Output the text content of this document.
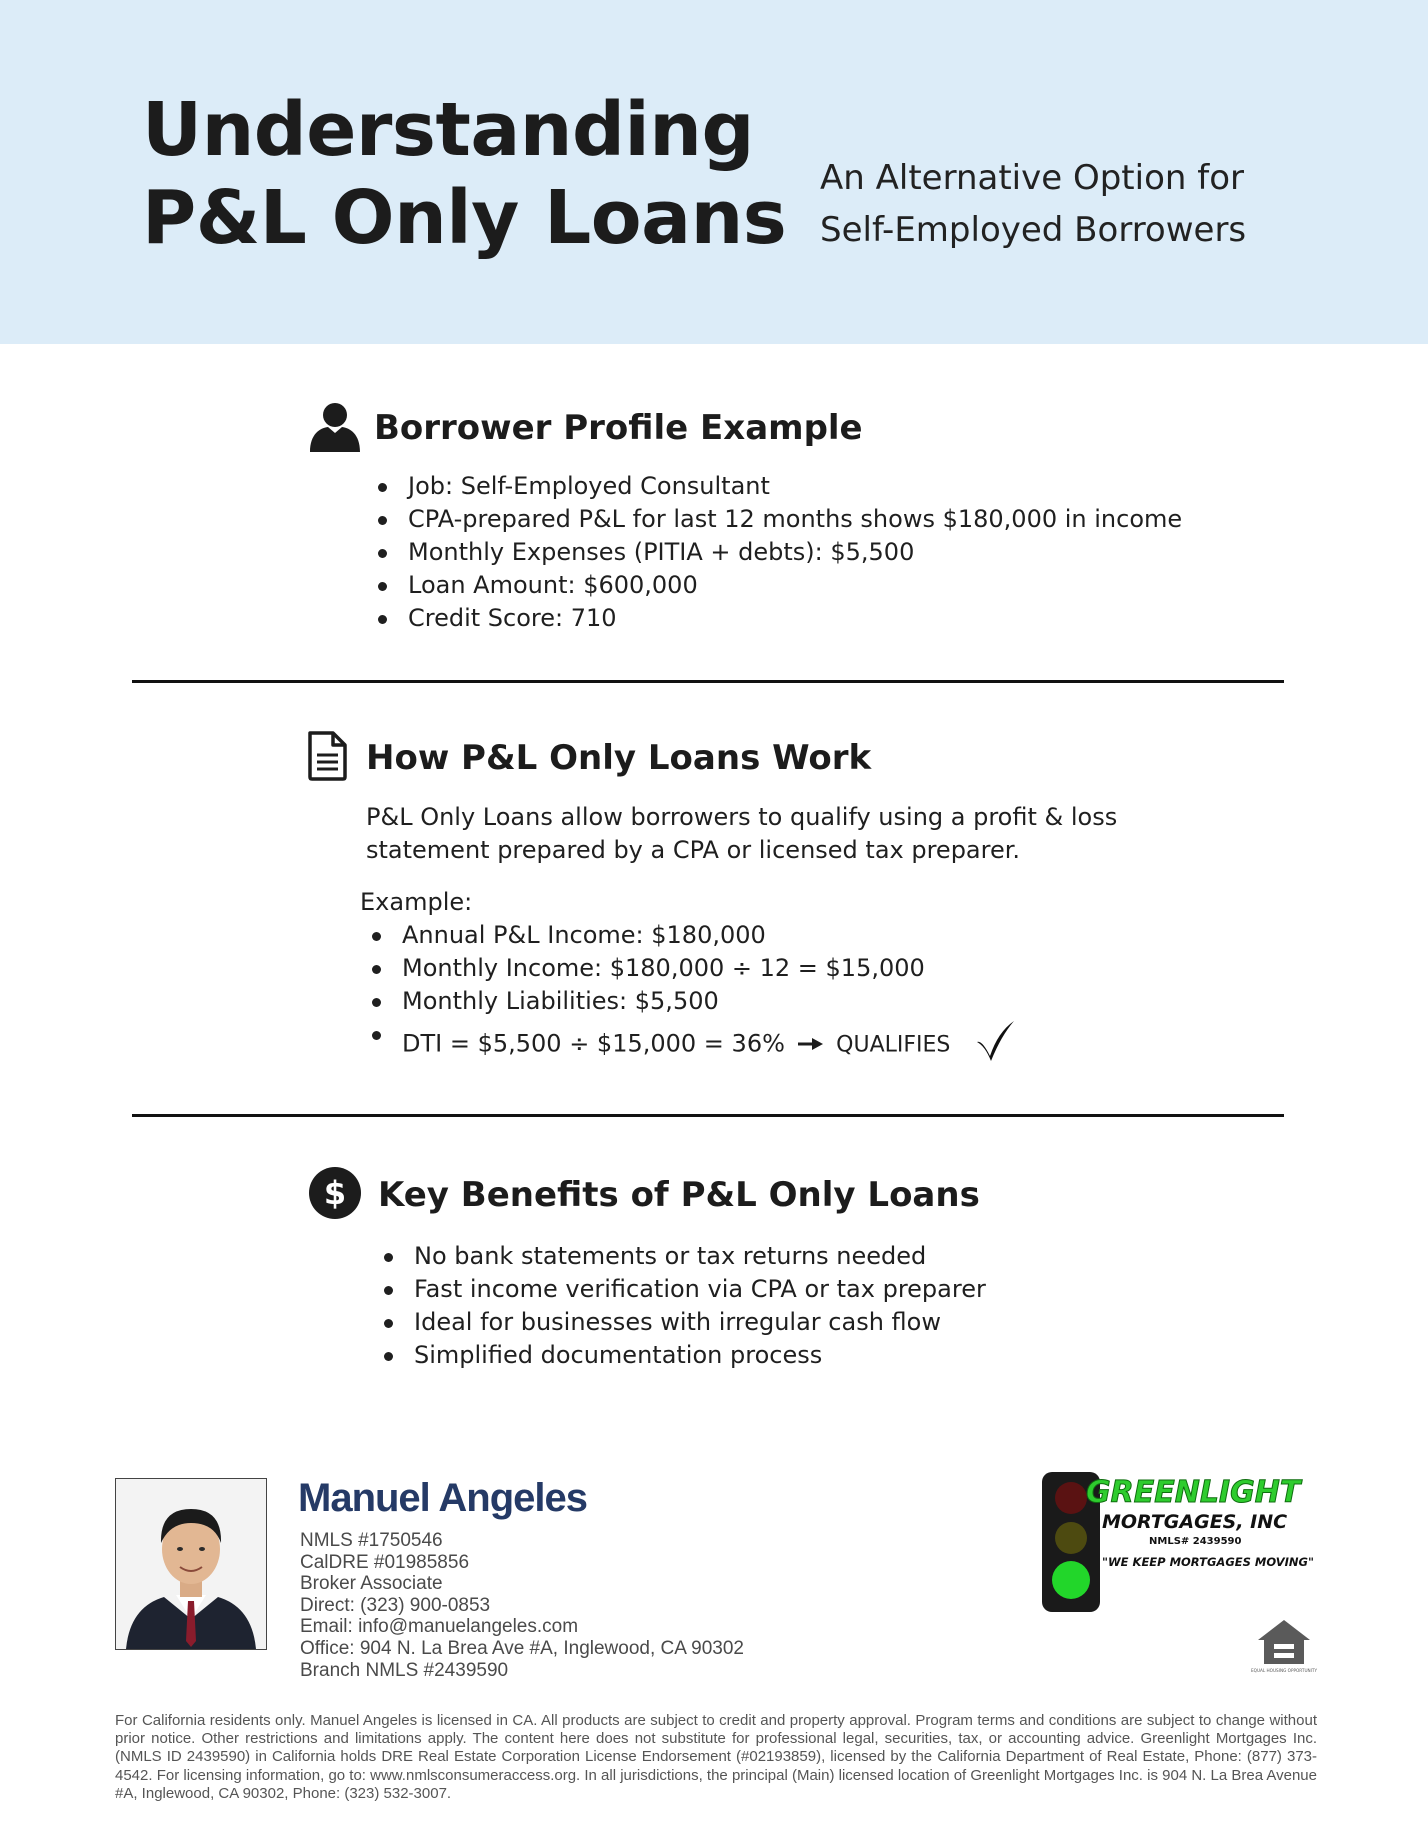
Understanding
P&L Only Loans An Alternative Option for
Self-Employed Borrowers
Borrower Profile Example
Job: Self-Employed Consultant
CPA-prepared P&L for last 12 months shows $180,000 in income
Monthly Expenses (PITIA + debts): $5,500
Loan Amount: $600,000
Credit Score: 710
How P&L Only Loans Work
P&L Only Loans allow borrowers to qualify using a profit & loss
statement prepared by a CPA or licensed tax preparer.
Example:
Annual P&L Income: $180,000
Monthly Income: $180,000 ÷ 12 = $15,000
Monthly Liabilities: $5,500
DTI = $5,500 ÷ $15,000 = 36% QUALIFIES
$ Key Benefits of P&L Only Loans
No bank statements or tax returns needed
Fast income verification via CPA or tax preparer
Ideal for businesses with irregular cash flow
Simplified documentation process
Manuel Angeles
NMLS #1750546
CalDRE #01985856
Broker Associate
Direct: (323) 900-0853
Email: info@manuelangeles.com
Office: 904 N. La Brea Ave #A, Inglewood, CA 90302
Branch NMLS #2439590
GREENLIGHT
MORTGAGES, INC
NMLS# 2439590
"WE KEEP MORTGAGES MOVING"
EQUAL HOUSING OPPORTUNITY

For California residents only. Manuel Angeles is licensed in CA. All products are subject to credit and property approval. Program terms and conditions are subject to change without prior notice. Other restrictions and limitations apply. The content here does not substitute for professional legal, securities, tax, or accounting advice. Greenlight Mortgages Inc. (NMLS ID 2439590) in California holds DRE Real Estate Corporation License Endorsement (#02193859), licensed by the California Department of Real Estate, Phone: (877) 373-4542. For licensing information, go to: www.nmlsconsumeraccess.org. In all jurisdictions, the principal (Main) licensed location of Greenlight Mortgages Inc. is 904 N. La Brea Avenue #A, Inglewood, CA 90302, Phone: (323) 532-3007.
